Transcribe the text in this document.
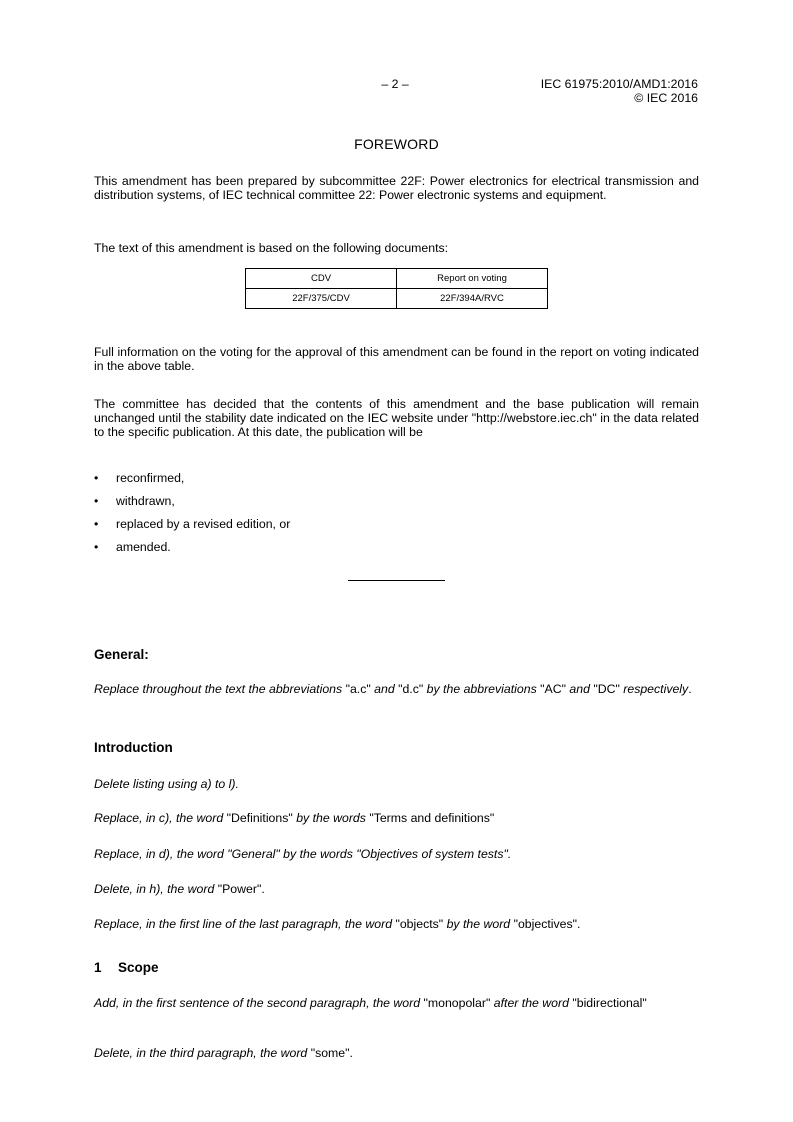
– 2 –	IEC 61975:2010/AMD1:2016
© IEC 2016
FOREWORD

This amendment has been prepared by subcommittee 22F: Power electronics for electrical transmission and distribution systems, of IEC technical committee 22: Power electronic systems and equipment.

The text of this amendment is based on the following documents:

CDV	Report on voting
22F/375/CDV	22F/394A/RVC

Full information on the voting for the approval of this amendment can be found in the report on voting indicated in the above table.

The committee has decided that the contents of this amendment and the base publication will remain unchanged until the stability date indicated on the IEC website under "http://webstore.iec.ch" in the data related to the specific publication. At this date, the publication will be

• reconfirmed,
• withdrawn,
• replaced by a revised edition, or
• amended.
General:

Replace throughout the text the abbreviations "a.c" and "d.c" by the abbreviations "AC" and "DC" respectively.

Introduction

Delete listing using a) to l).

Replace, in c), the word "Definitions" by the words "Terms and definitions"

Replace, in d), the word "General" by the words "Objectives of system tests".

Delete, in h), the word "Power".

Replace, in the first line of the last paragraph, the word "objects" by the word "objectives".

1 Scope

Add, in the first sentence of the second paragraph, the word "monopolar" after the word "bidirectional"

Delete, in the third paragraph, the word "some".
